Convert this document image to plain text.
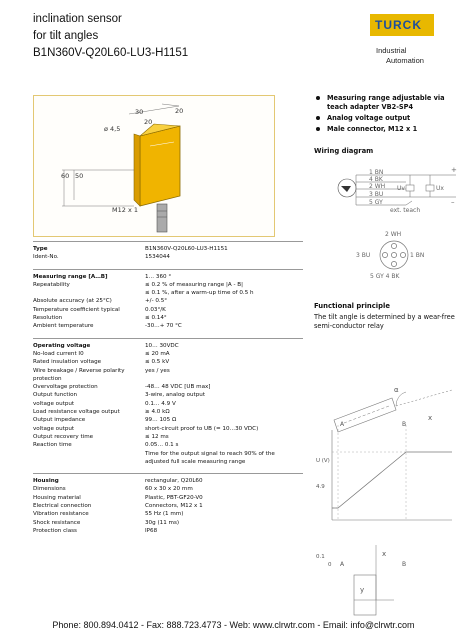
inclination sensor
for tilt angles
B1N360V-Q20L60-LU3-H1151
TURCK
Industrial
Automation
ø 4,5
30
20
20
60 50
M12 x 1
Measuring range adjustable via teach adapter VB2-SP4
Analog voltage output
Male connector, M12 x 1
Wiring diagram
1 BN
4 BK
2 WH
3 BU
5 GY
Uv	Ux
+
–
ext. teach
2 WH
3 BU	1 BN
5 GY 4 BK
Type	B1N360V-Q20L60-LU3-H1151
Ident-No.	1534044
Measuring range [A…B]	1… 360 °
Repeatability	≤ 0.2 % of measuring range |A - B|
≤ 0.1 %, after a warm-up time of 0.5 h
Absolute accuracy (at 25°C)	+/- 0.5°
Temperature coefficient typical	0.03°/K
Resolution	≤ 0.14°
Ambient temperature	-30…+ 70 °C
Operating voltage	10… 30VDC
No-load current I0	≤ 20 mA
Rated insulation voltage	≤ 0.5 kV
Wire breakage / Reverse polarity protection
yes / yes
Overvoltage protection	-48… 48 VDC [UB max]
Output function	3-wire, analog output
voltage output	0.1… 4.9 V
Load resistance voltage output	≥ 4.0 kΩ
Output impedance	99… 105 Ω
voltage output	short-circuit proof to UB (= 10…30 VDC)
Output recovery time	≤ 12 ms
Reaction time	0.05… 0.1 s
Time for the output signal to reach 90% of the
adjusted full scale measuring range
Housing	rectangular, Q20L60
Dimensions	60 x 30 x 20 mm
Housing material	Plastic, PBT-GF20-V0
Electrical connection	Connectors, M12 x 1
Vibration resistance	55 Hz (1 mm)
Shock resistance	30g (11 ms)
Protection class	IP68
Functional principle
The tilt angle is determined by a wear-free semi-conductor relay
α
x
A	B
U (V)
4.9
0.1
0 A	B
x
y
Phone: 800.894.0412 - Fax: 888.723.4773 - Web: www.clrwtr.com - Email: info@clrwtr.com
